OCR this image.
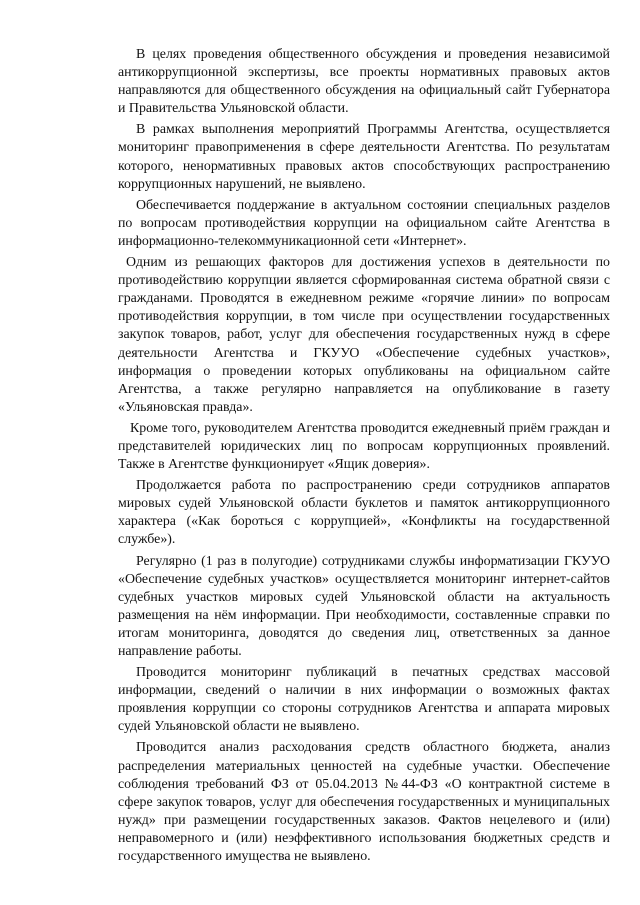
В целях проведения общественного обсуждения и проведения независимой антикоррупционной экспертизы, все проекты нормативных правовых актов направляются для общественного обсуждения на официальный сайт Губернатора и Правительства Ульяновской области.

В рамках выполнения мероприятий Программы Агентства, осуществляется мониторинг правоприменения в сфере деятельности Агентства. По результатам которого, ненормативных правовых актов способствующих распространению коррупционных нарушений, не выявлено.

Обеспечивается поддержание в актуальном состоянии специальных разделов по вопросам противодействия коррупции на официальном сайте Агентства в информационно-телекоммуникационной сети «Интернет».

Одним из решающих факторов для достижения успехов в деятельности по противодействию коррупции является сформированная система обратной связи с гражданами. Проводятся в ежедневном режиме «горячие линии» по вопросам противодействия коррупции, в том числе при осуществлении государственных закупок товаров, работ, услуг для обеспечения государственных нужд в сфере деятельности Агентства и ГКУУО «Обеспечение судебных участков», информация о проведении которых опубликованы на официальном сайте Агентства, а также регулярно направляется на опубликование в газету «Ульяновская правда».

Кроме того, руководителем Агентства проводится ежедневный приём граждан и представителей юридических лиц по вопросам коррупционных проявлений. Также в Агентстве функционирует «Ящик доверия».

Продолжается работа по распространению среди сотрудников аппаратов мировых судей Ульяновской области буклетов и памяток антикоррупционного характера («Как бороться с коррупцией», «Конфликты на государственной службе»).

Регулярно (1 раз в полугодие) сотрудниками службы информатизации ГКУУО «Обеспечение судебных участков» осуществляется мониторинг интернет-сайтов судебных участков мировых судей Ульяновской области на актуальность размещения на нём информации. При необходимости, составленные справки по итогам мониторинга, доводятся до сведения лиц, ответственных за данное направление работы.

Проводится мониторинг публикаций в печатных средствах массовой информации, сведений о наличии в них информации о возможных фактах проявления коррупции со стороны сотрудников Агентства и аппарата мировых судей Ульяновской области не выявлено.

Проводится анализ расходования средств областного бюджета, анализ распределения материальных ценностей на судебные участки. Обеспечение соблюдения требований ФЗ от 05.04.2013 №44-ФЗ «О контрактной системе в сфере закупок товаров, услуг для обеспечения государственных и муниципальных нужд» при размещении государственных заказов. Фактов нецелевого и (или) неправомерного и (или) неэффективного использования бюджетных средств и государственного имущества не выявлено.
